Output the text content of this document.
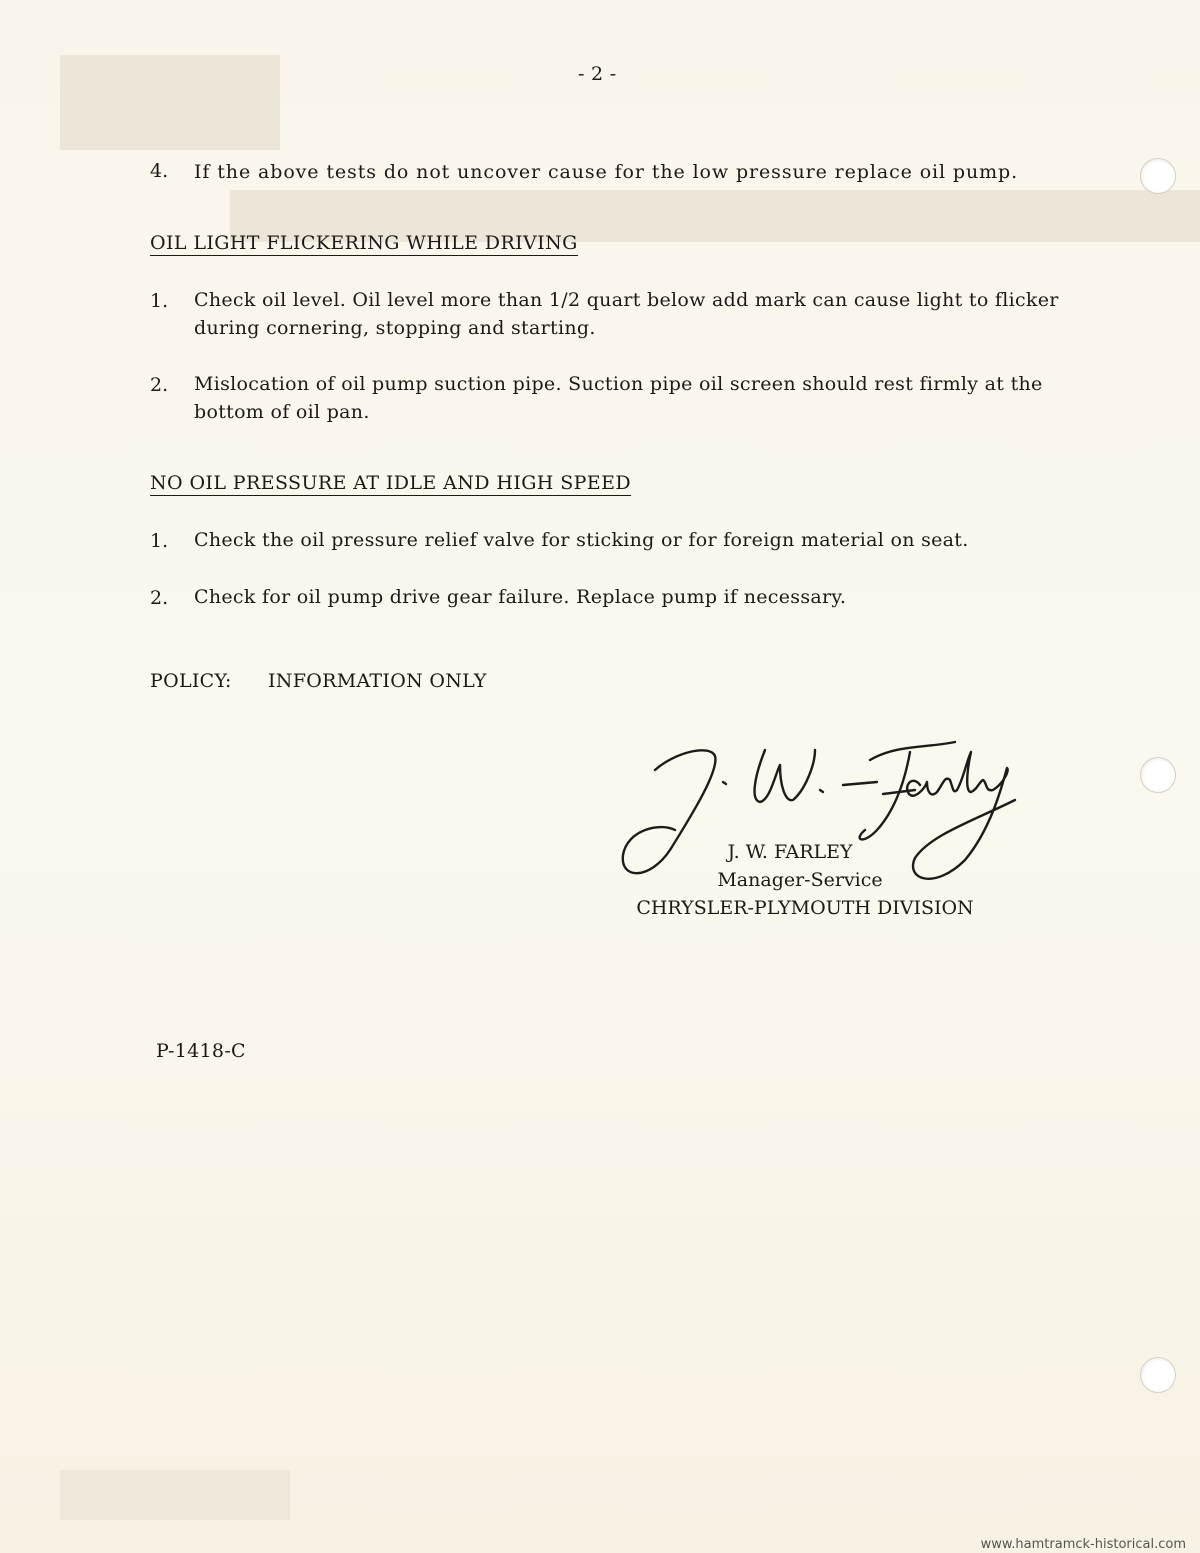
- 2 -
4. If the above tests do not uncover cause for the low pressure replace oil pump.
OIL LIGHT FLICKERING WHILE DRIVING
1. Check oil level. Oil level more than 1/2 quart below add mark can cause light to flicker during cornering, stopping and starting.
2. Mislocation of oil pump suction pipe. Suction pipe oil screen should rest firmly at the bottom of oil pan.
NO OIL PRESSURE AT IDLE AND HIGH SPEED
1. Check the oil pressure relief valve for sticking or for foreign material on seat.
2. Check for oil pump drive gear failure. Replace pump if necessary.
POLICY: INFORMATION ONLY
J. W. FARLEY
Manager-Service
CHRYSLER-PLYMOUTH DIVISION
P-1418-C
www.hamtramck-historical.com
